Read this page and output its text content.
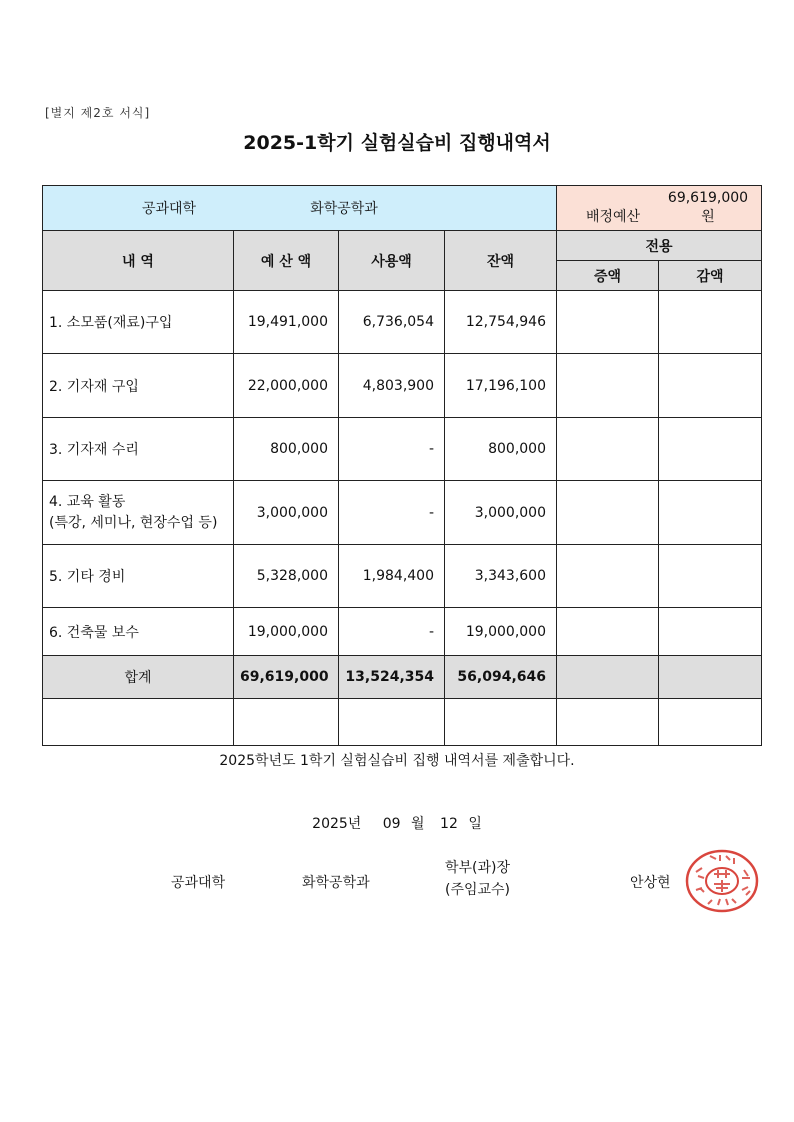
[별지 제2호 서식]
2025-1학기 실험실습비 집행내역서
공과대학 화학공학과				배정예산69,619,000 원	
내 역	예 산 액	사용액	잔액	전용	
				증액	감액
1. 소모품(재료)구입	19,491,000	6,736,054	12,754,946		
2. 기자재 구입	22,000,000	4,803,900	17,196,100		
3. 기자재 수리	800,000	-	800,000		

4. 교육 활동
(특강, 세미나, 현장수업 등)	3,000,000	-	3,000,000		
5. 기타 경비	5,328,000	1,984,400	3,343,600		
6. 건축물 보수	19,000,000	-	19,000,000		
합계	69,619,000	13,524,354	56,094,646		

2025학년도 1학기 실험실습비 집행 내역서를 제출합니다.
2025년 09 월 12 일
공과대학	화학공학과
학부(과)장
(주임교수)	안상현
